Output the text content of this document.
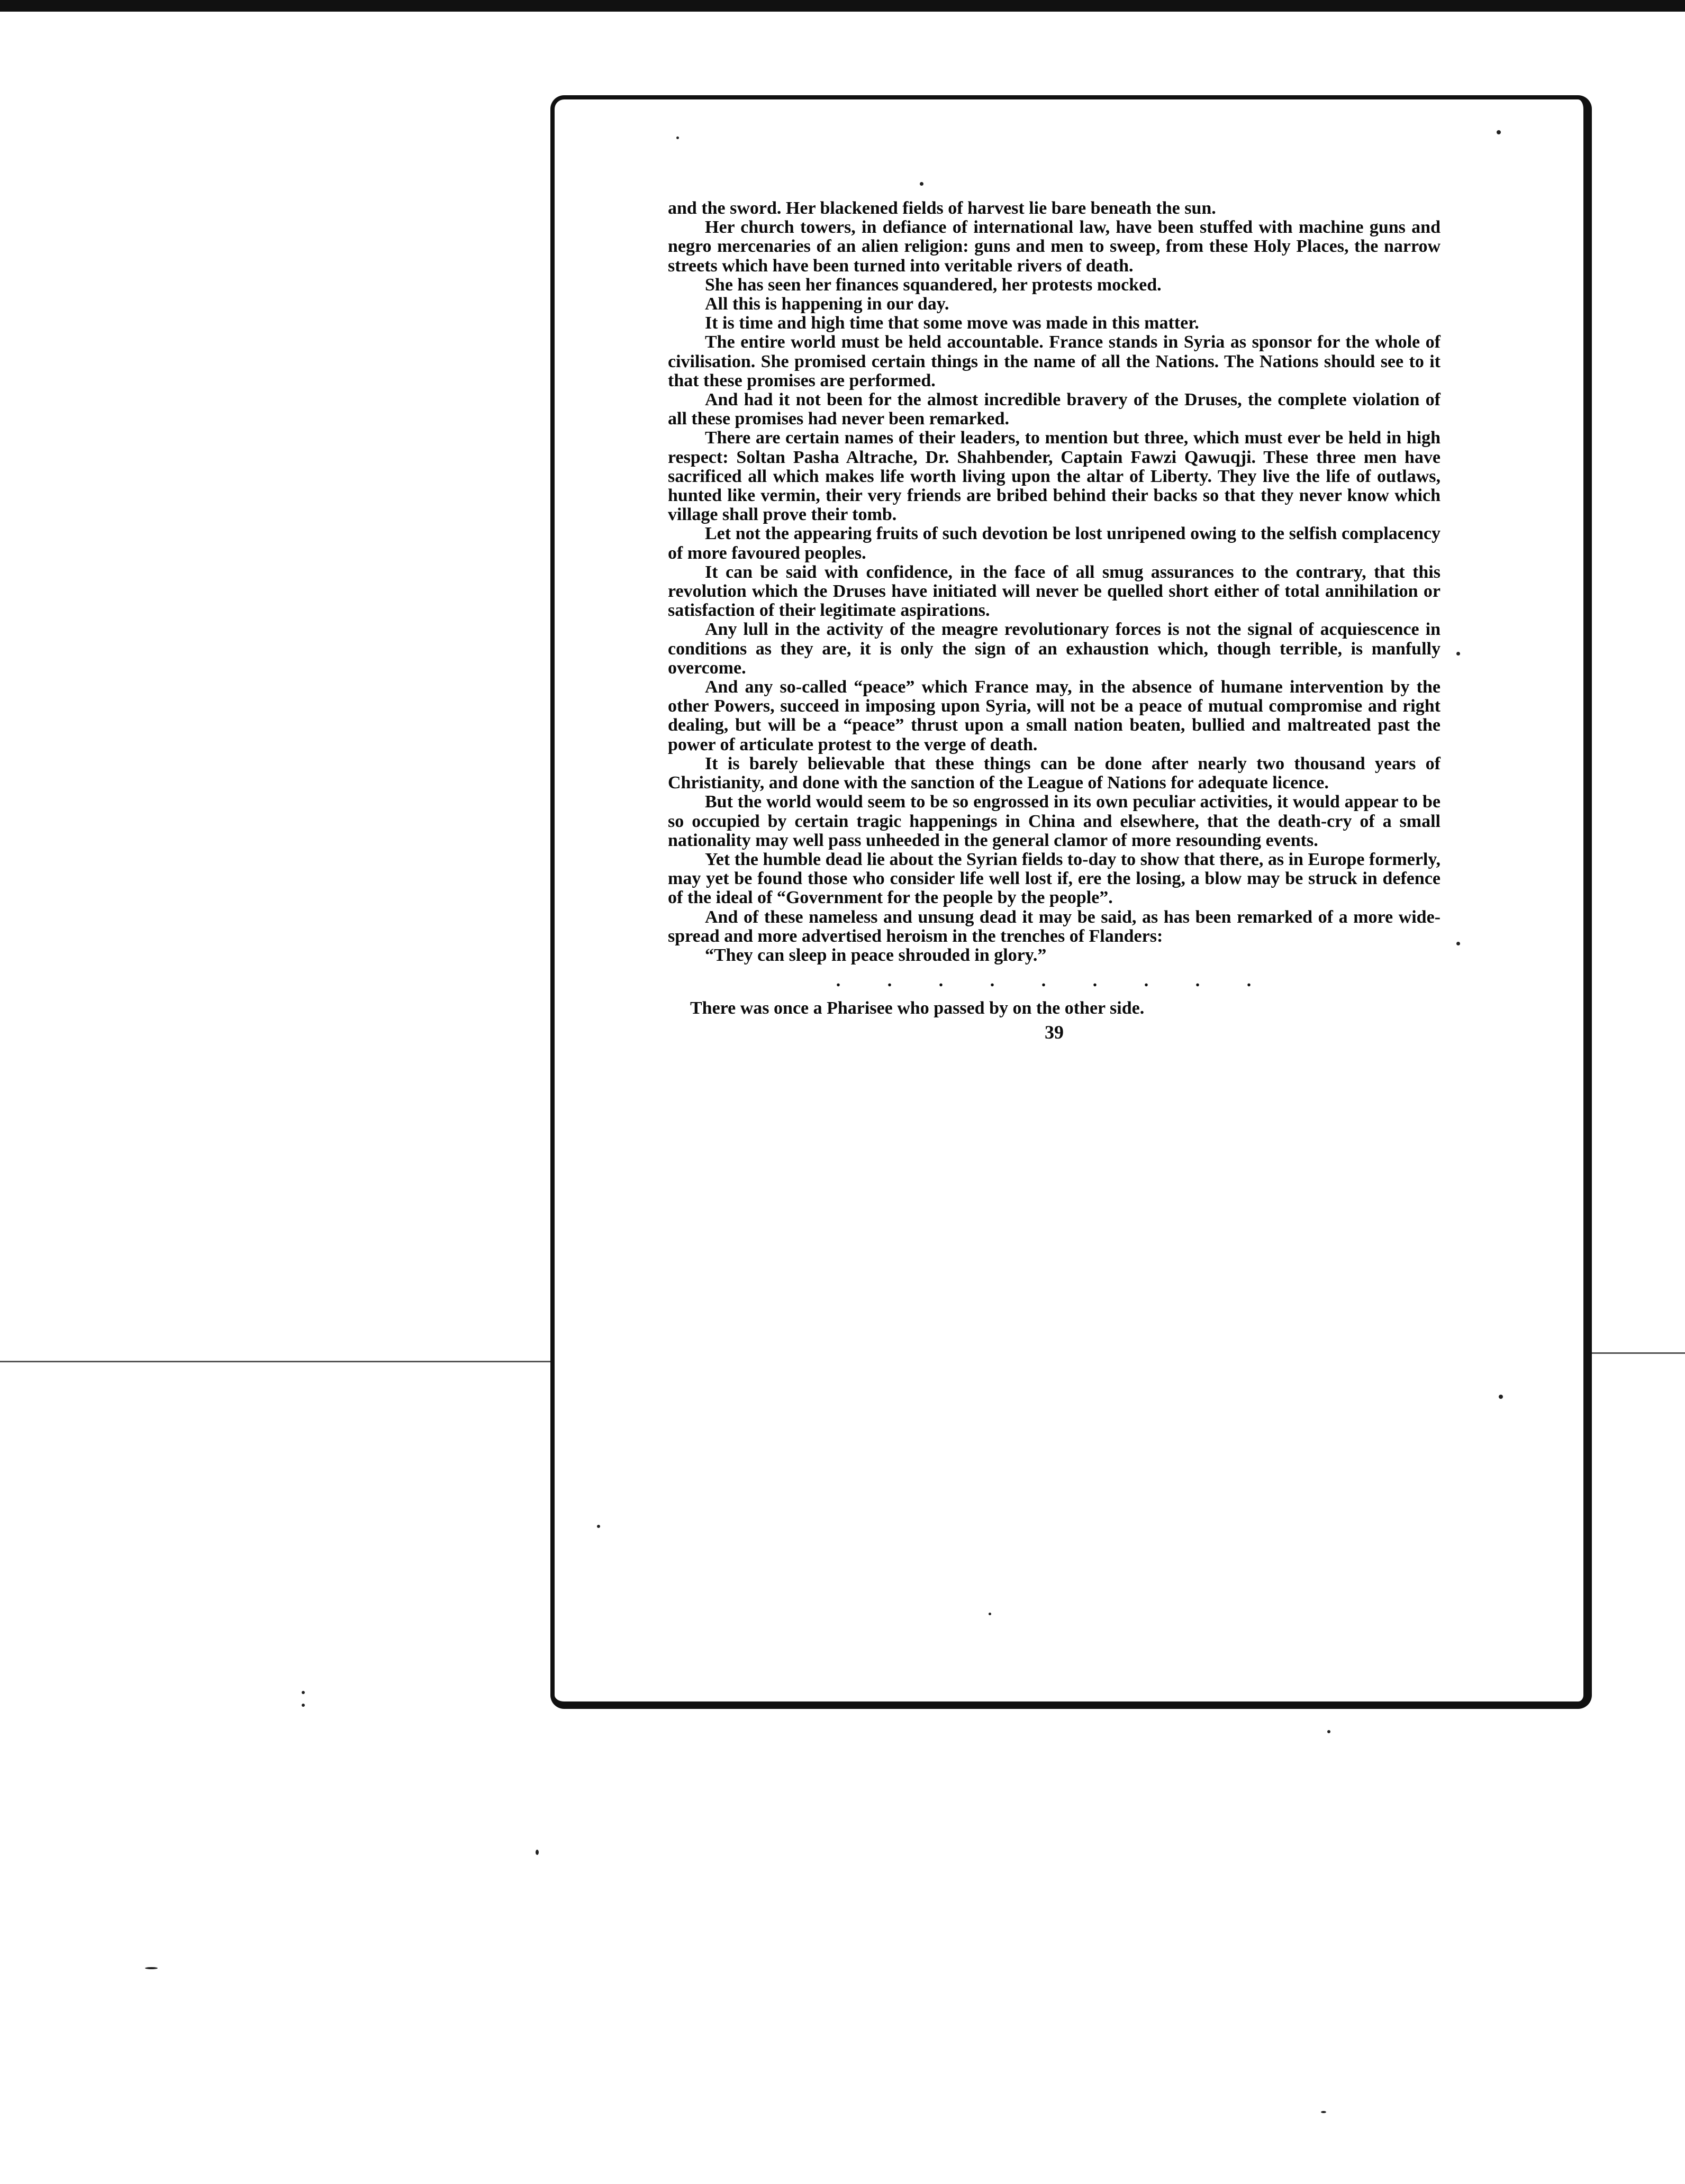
and the sword. Her blackened fields of harvest lie bare beneath the sun.

Her church towers, in defiance of international law, have been stuffed with machine guns and negro mercenaries of an alien religion: guns and men to sweep, from these Holy Places, the narrow streets which have been turned into veritable rivers of death.

She has seen her finances squandered, her protests mocked.

All this is happening in our day.

It is time and high time that some move was made in this matter.

The entire world must be held accountable. France stands in Syria as sponsor for the whole of civilisation. She promised certain things in the name of all the Nations. The Nations should see to it that these promises are performed.

And had it not been for the almost incredible bravery of the Druses, the complete violation of all these promises had never been remarked.

There are certain names of their leaders, to mention but three, which must ever be held in high respect: Soltan Pasha Altrache, Dr. Shahbender, Captain Fawzi Qawuqji. These three men have sacrificed all which makes life worth living upon the altar of Liberty. They live the life of outlaws, hunted like vermin, their very friends are bribed behind their backs so that they never know which village shall prove their tomb.

Let not the appearing fruits of such devotion be lost unripened owing to the selfish complacency of more favoured peoples.

It can be said with confidence, in the face of all smug assurances to the contrary, that this revolution which the Druses have initiated will never be quelled short either of total annihilation or satisfaction of their legitimate aspirations.

Any lull in the activity of the meagre revolutionary forces is not the signal of acquiescence in conditions as they are, it is only the sign of an exhaustion which, though terrible, is manfully overcome.

And any so-called “peace” which France may, in the absence of humane intervention by the other Powers, succeed in imposing upon Syria, will not be a peace of mutual compromise and right dealing, but will be a “peace” thrust upon a small nation beaten, bullied and maltreated past the power of articulate protest to the verge of death.

It is barely believable that these things can be done after nearly two thousand years of Christianity, and done with the sanction of the League of Nations for adequate licence.

But the world would seem to be so engrossed in its own peculiar activities, it would appear to be so occupied by certain tragic happenings in China and elsewhere, that the death-cry of a small nationality may well pass unheeded in the general clamor of more resounding events.

Yet the humble dead lie about the Syrian fields to-day to show that there, as in Europe formerly, may yet be found those who consider life well lost if, ere the losing, a blow may be struck in defence of the ideal of “Government for the people by the people”.

And of these nameless and unsung dead it may be said, as has been remarked of a more wide-spread and more advertised heroism in the trenches of Flanders:

“They can sleep in peace shrouded in glory.”

. . . . . . . . .

There was once a Pharisee who passed by on the other side.

39
